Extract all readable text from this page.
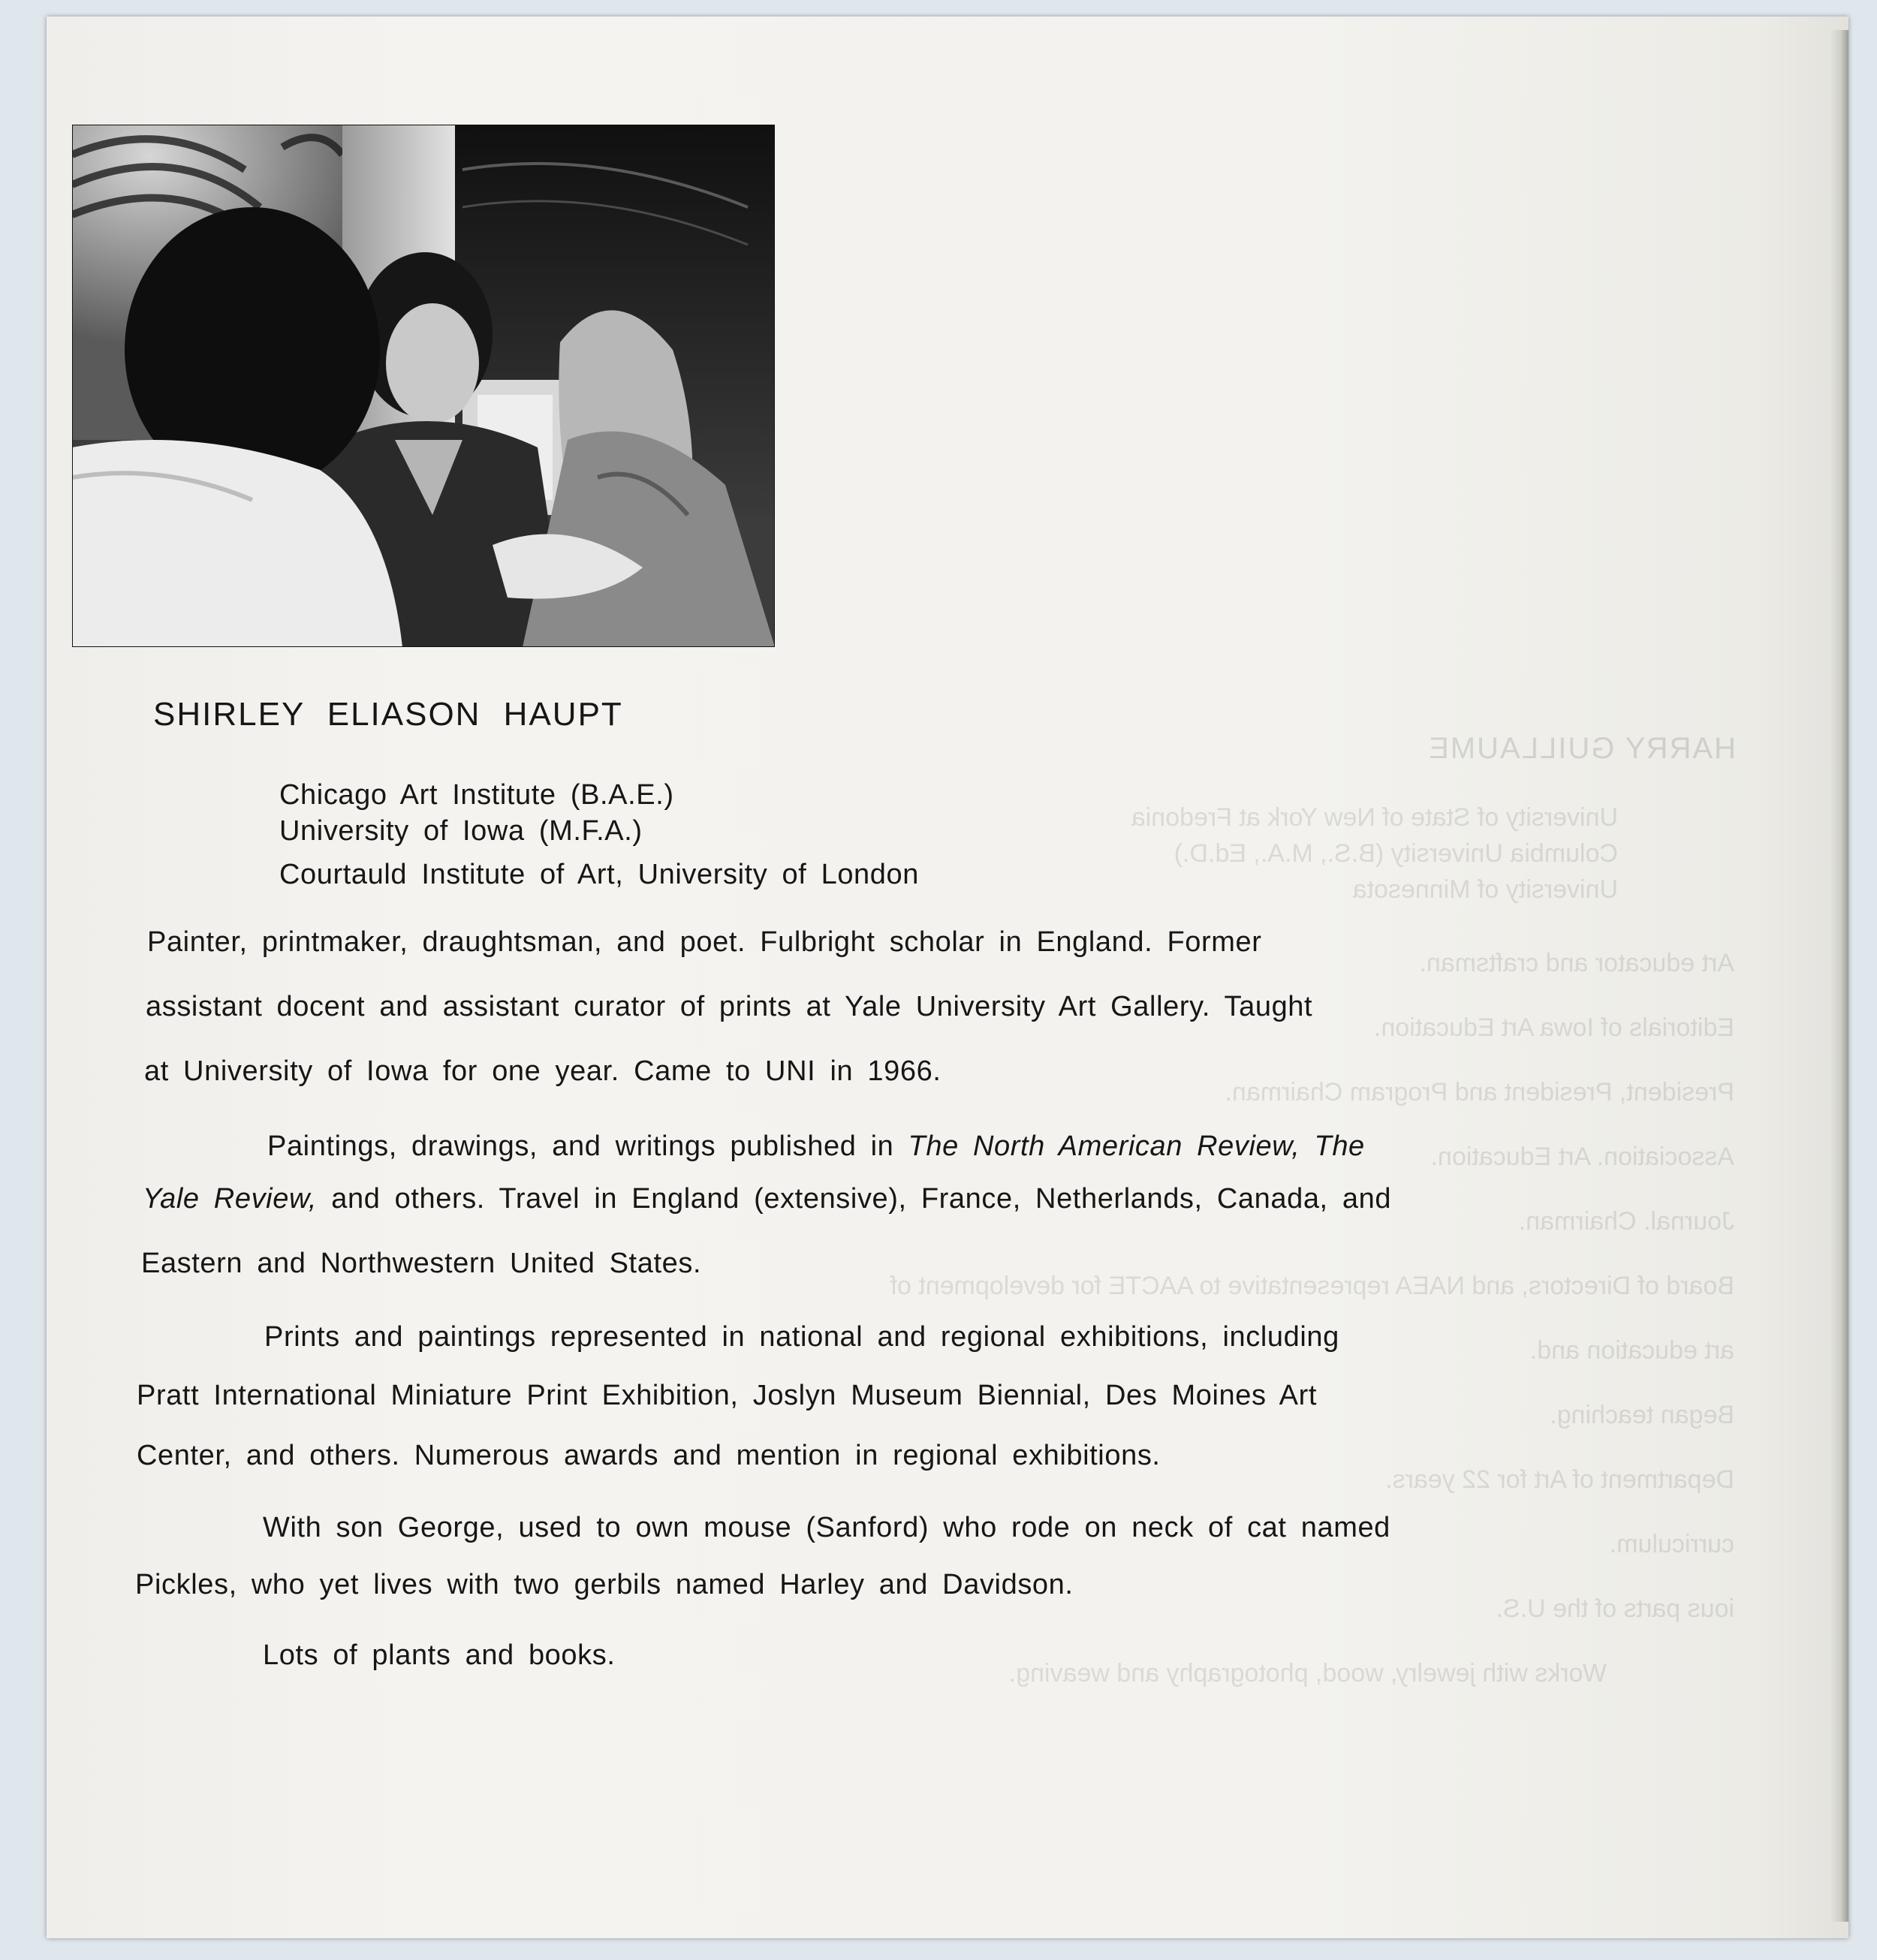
HARRY GUILLAUME
University of State of New York at Fredonia
Columbia University (B.S., M.A., Ed.D.)
University of Minnesota
Art educator and craftsman.
Editorials of Iowa Art Education.
President, President and Program Chairman.
Association. Art Education.
Journal. Chairman.
Board of Directors, and NAEA representative to AACTE for development of
art education and.
Began teaching.
Department of Art for 22 years.
curriculum.
ious parts of the U.S.
Works with jewelry, wood, photography and weaving.
SHIRLEY ELIASON HAUPT
Chicago Art Institute (B.A.E.)
University of Iowa (M.F.A.)
Courtauld Institute of Art, University of London
Painter, printmaker, draughtsman, and poet. Fulbright scholar in England. Former
assistant docent and assistant curator of prints at Yale University Art Gallery. Taught
at University of Iowa for one year. Came to UNI in 1966.
Paintings, drawings, and writings published in The North American Review, The
Yale Review, and others. Travel in England (extensive), France, Netherlands, Canada, and
Eastern and Northwestern United States.
Prints and paintings represented in national and regional exhibitions, including
Pratt International Miniature Print Exhibition, Joslyn Museum Biennial, Des Moines Art
Center, and others. Numerous awards and mention in regional exhibitions.
With son George, used to own mouse (Sanford) who rode on neck of cat named
Pickles, who yet lives with two gerbils named Harley and Davidson.
Lots of plants and books.
